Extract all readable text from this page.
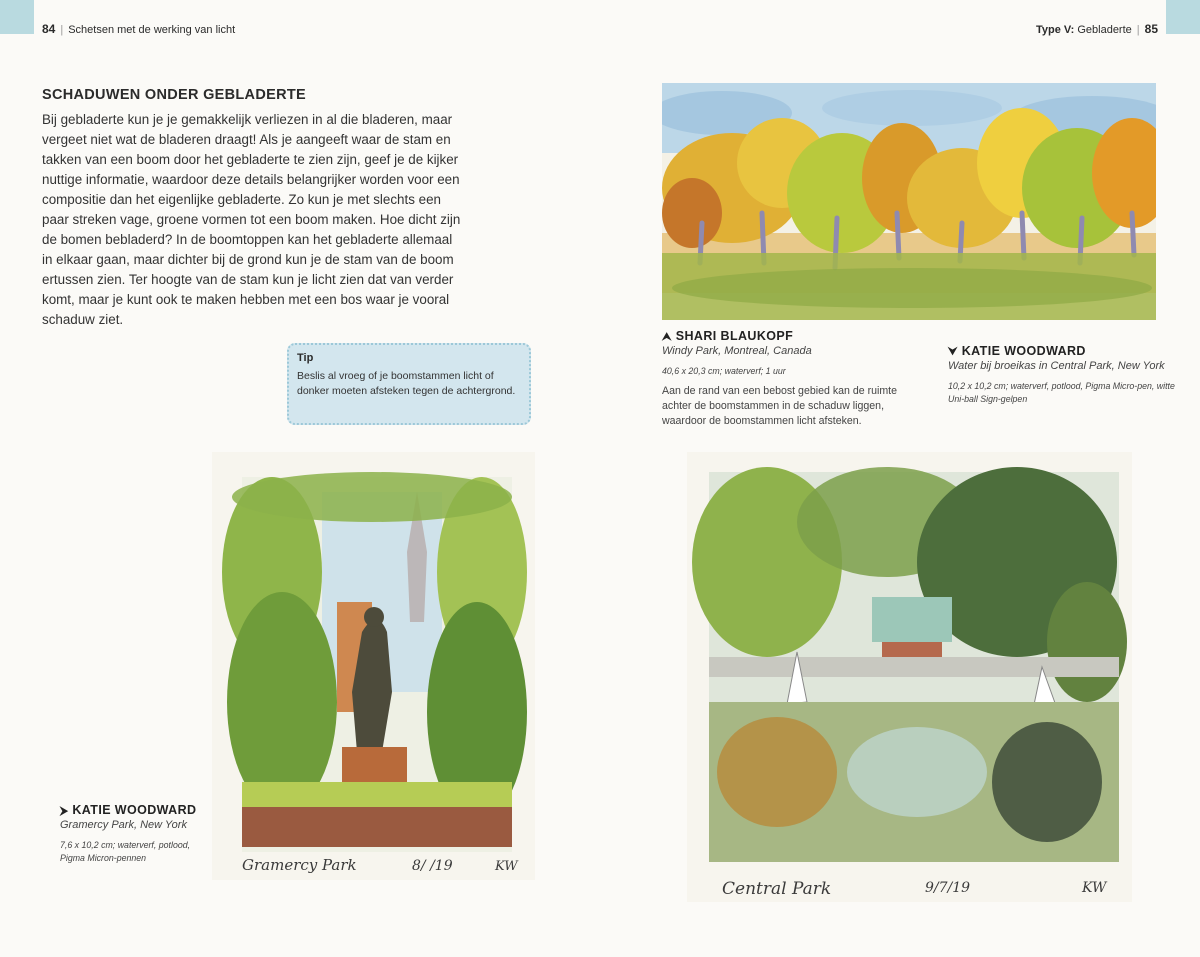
84 | Schetsen met de werking van licht	Type V: Gebladerte | 85
SCHADUWEN ONDER GEBLADERTE

Bij gebladerte kun je je gemakkelijk verliezen in al die bladeren, maar vergeet niet wat de bladeren draagt! Als je aangeeft waar de stam en takken van een boom door het gebladerte te zien zijn, geef je de kijker nuttige informatie, waardoor deze details belangrijker worden voor een compositie dan het eigenlijke gebladerte. Zo kun je met slechts een paar streken vage, groene vormen tot een boom maken. Hoe dicht zijn de bomen bebladerd? In de boomtoppen kan het gebladerte allemaal in elkaar gaan, maar dichter bij de grond kun je de stam van de boom ertussen zien. Ter hoogte van de stam kun je licht zien dat van verder komt, maar je kunt ook te maken hebben met een bos waar je vooral schaduw ziet.

Tip
Beslis al vroeg of je boomstammen licht of donker moeten afsteken tegen de achtergrond.
⮝ SHARI BLAUKOPF
Windy Park, Montreal, Canada
40,6 x 20,3 cm; waterverf; 1 uur
Aan de rand van een bebost gebied kan de ruimte achter de boomstammen in de schaduw liggen, waardoor de boomstammen licht afsteken.
⮟ KATIE WOODWARD
Water bij broeikas in Central Park, New York
10,2 x 10,2 cm; waterverf, potlood, Pigma Micro-pen, witte Uni-ball Sign-gelpen
Gramercy Park	8/ /19	KW
⮞ KATIE WOODWARD
Gramercy Park, New York
7,6 x 10,2 cm; waterverf, potlood, Pigma Micron-pennen
Central Park	9/7/19	KW
